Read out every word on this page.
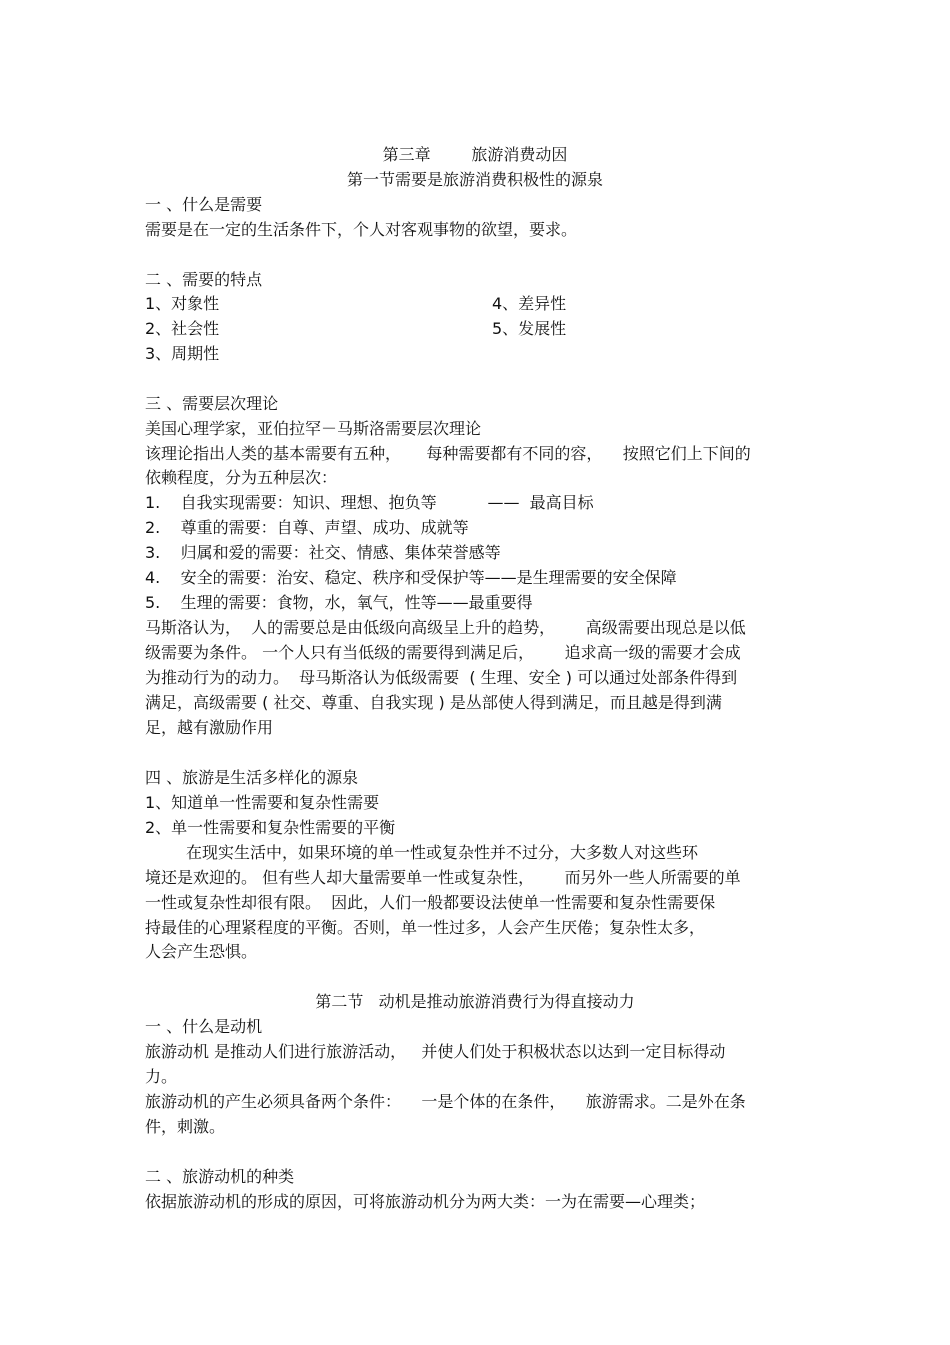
第三章        旅游消费动因
第一节需要是旅游消费积极性的源泉
一 、什么是需要
需要是在一定的生活条件下，个人对客观事物的欲望，要求。
二 、需要的特点
1、对象性	4、差异性
2、社会性	5、发展性
3、周期性
三 、需要层次理论
美国心理学家，亚伯拉罕－马斯洛需要层次理论
该理论指出人类的基本需要有五种，     每种需要都有不同的容，    按照它们上下间的
依赖程度，分为五种层次：
1.    自我实现需要：知识、理想、抱负等          ——  最高目标
2.    尊重的需要：自尊、声望、成功、成就等
3.    归属和爱的需要：社交、情感、集体荣誉感等
4.    安全的需要：治安、稳定、秩序和受保护等——是生理需要的安全保障
5.    生理的需要：食物，水，氧气，性等——最重要得
马斯洛认为，  人的需要总是由低级向高级呈上升的趋势，      高级需要出现总是以低
级需要为条件。 一个人只有当低级的需要得到满足后，      追求高一级的需要才会成
为推动行为的动力。  母马斯洛认为低级需要  ( 生理、安全 ) 可以通过处部条件得到
满足，高级需要 ( 社交、尊重、自我实现 ) 是丛部使人得到满足，而且越是得到满
足，越有激励作用
四 、旅游是生活多样化的源泉
1、知道单一性需要和复杂性需要
2、单一性需要和复杂性需要的平衡
在现实生活中，如果环境的单一性或复杂性并不过分，大多数人对这些环
境还是欢迎的。 但有些人却大量需要单一性或复杂性，      而另外一些人所需要的单
一性或复杂性却很有限。  因此，人们一般都要设法使单一性需要和复杂性需要保
持最佳的心理紧程度的平衡。否则，单一性过多，人会产生厌倦；复杂性太多，
人会产生恐惧。
第二节   动机是推动旅游消费行为得直接动力
一 、什么是动机
旅游动机 是推动人们进行旅游活动，   并使人们处于积极状态以达到一定目标得动
力。
旅游动机的产生必须具备两个条件：    一是个体的在条件，    旅游需求。二是外在条
件，刺激。
二 、旅游动机的种类
依据旅游动机的形成的原因，可将旅游动机分为两大类：一为在需要—心理类；
